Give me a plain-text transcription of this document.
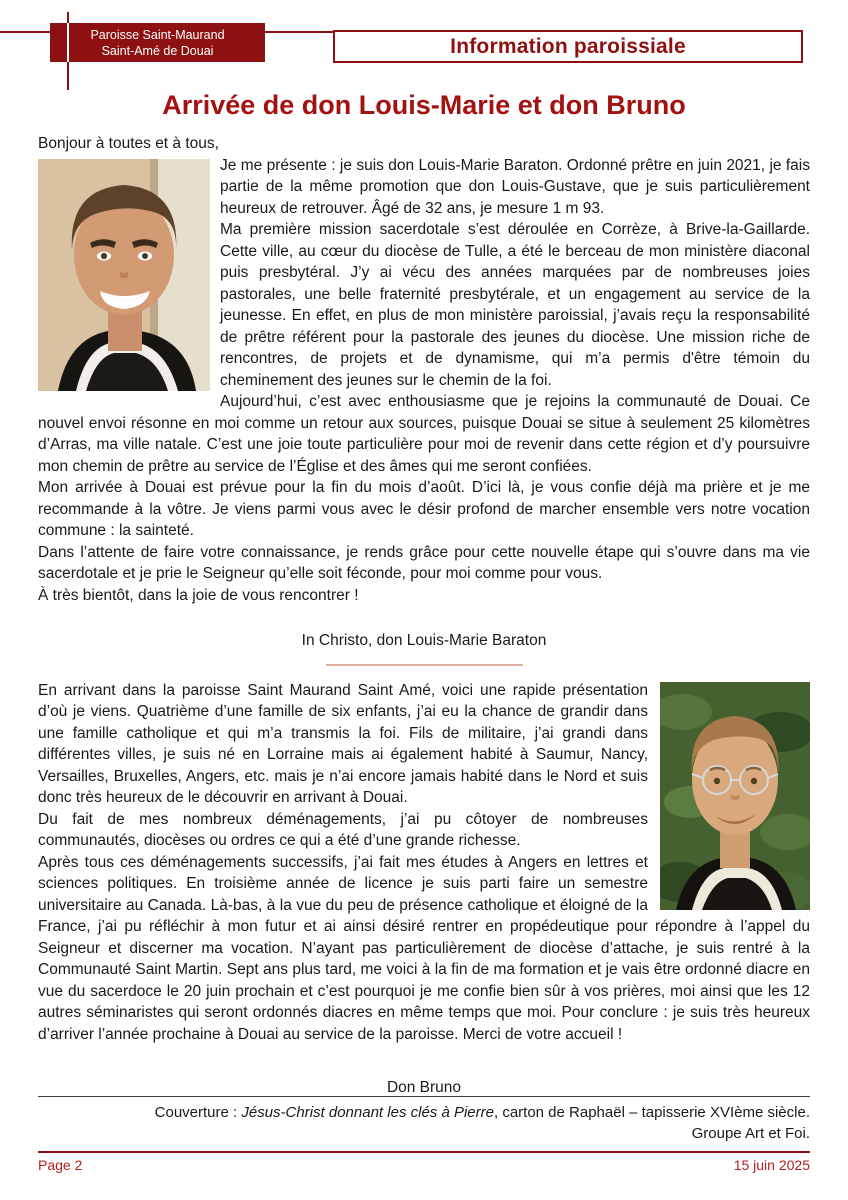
Paroisse Saint-Maurand
Saint-Amé de Douai	Information paroissiale
Arrivée de don Louis-Marie et don Bruno

Bonjour à toutes et à tous,

Je me présente : je suis don Louis-Marie Baraton. Ordonné prêtre en juin 2021, je fais partie de la même promotion que don Louis-Gustave, que je suis particulièrement heureux de retrouver. Âgé de 32 ans, je mesure 1 m 93.

Ma première mission sacerdotale s’est déroulée en Corrèze, à Brive-la-Gaillarde. Cette ville, au cœur du diocèse de Tulle, a été le berceau de mon ministère diaconal puis presbytéral. J’y ai vécu des années marquées par de nombreuses joies pastorales, une belle fraternité presbytérale, et un engagement au service de la jeunesse. En effet, en plus de mon ministère paroissial, j’avais reçu la responsabilité de prêtre référent pour la pastorale des jeunes du diocèse. Une mission riche de rencontres, de projets et de dynamisme, qui m’a permis d'être témoin du cheminement des jeunes sur le chemin de la foi.

Aujourd’hui, c’est avec enthousiasme que je rejoins la communauté de Douai. Ce nouvel envoi résonne en moi comme un retour aux sources, puisque Douai se situe à seulement 25 kilomètres d’Arras, ma ville natale. C’est une joie toute particulière pour moi de revenir dans cette région et d’y poursuivre mon chemin de prêtre au service de l’Église et des âmes qui me seront confiées.

Mon arrivée à Douai est prévue pour la fin du mois d’août. D’ici là, je vous confie déjà ma prière et je me recommande à la vôtre. Je viens parmi vous avec le désir profond de marcher ensemble vers notre vocation commune : la sainteté.

Dans l’attente de faire votre connaissance, je rends grâce pour cette nouvelle étape qui s’ouvre dans ma vie sacerdotale et je prie le Seigneur qu’elle soit féconde, pour moi comme pour vous.

À très bientôt, dans la joie de vous rencontrer !

In Christo, don Louis-Marie Baraton

En arrivant dans la paroisse Saint Maurand Saint Amé, voici une rapide présentation d’où je viens. Quatrième d’une famille de six enfants, j’ai eu la chance de grandir dans une famille catholique et qui m’a transmis la foi. Fils de militaire, j’ai grandi dans différentes villes, je suis né en Lorraine mais ai également habité à Saumur, Nancy, Versailles, Bruxelles, Angers, etc. mais je n’ai encore jamais habité dans le Nord et suis donc très heureux de le découvrir en arrivant à Douai.

Du fait de mes nombreux déménagements, j’ai pu côtoyer de nombreuses communautés, diocèses ou ordres ce qui a été d’une grande richesse.

Après tous ces déménagements successifs, j’ai fait mes études à Angers en lettres et sciences politiques. En troisième année de licence je suis parti faire un semestre universitaire au Canada. Là-bas, à la vue du peu de présence catholique et éloigné de la France, j’ai pu réfléchir à mon futur et ai ainsi désiré rentrer en propédeutique pour répondre à l’appel du Seigneur et discerner ma vocation. N’ayant pas particulièrement de diocèse d’attache, je suis rentré à la Communauté Saint Martin. Sept ans plus tard, me voici à la fin de ma formation et je vais être ordonné diacre en vue du sacerdoce le 20 juin prochain et c’est pourquoi je me confie bien sûr à vos prières, moi ainsi que les 12 autres séminaristes qui seront ordonnés diacres en même temps que moi. Pour conclure : je suis très heureux d’arriver l’année prochaine à Douai au service de la paroisse. Merci de votre accueil !

Don Bruno

Couverture : Jésus-Christ donnant les clés à Pierre, carton de Raphaël – tapisserie XVIème siècle.
Groupe Art et Foi.
Page 2	15 juin 2025
